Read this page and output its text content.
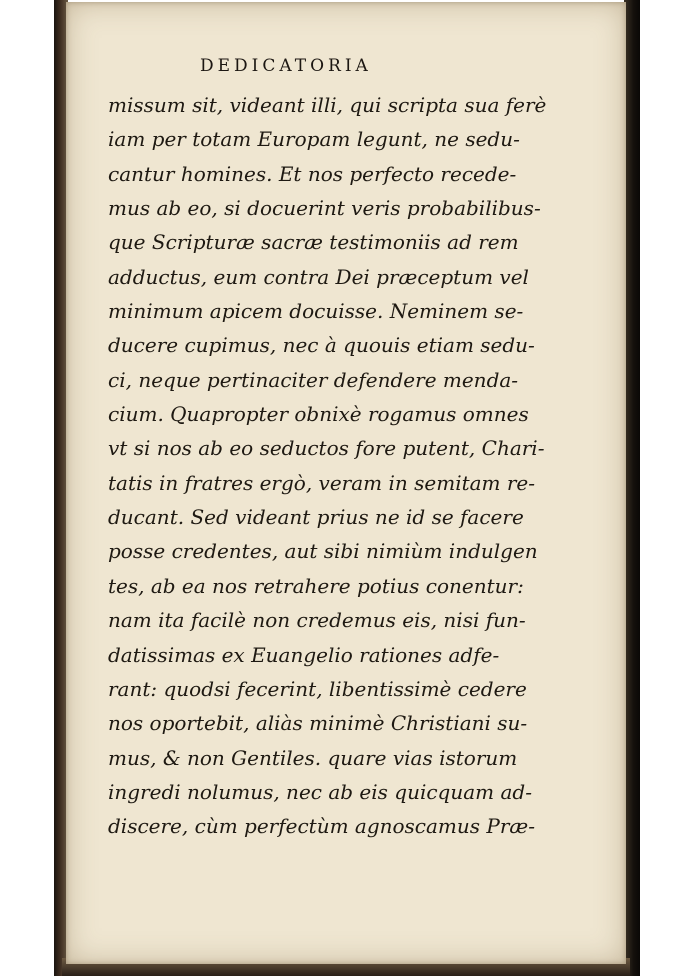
DEDICATORIA
missum sit, videant illi, qui scripta sua ferè
iam per totam Europam legunt, ne sedu-
cantur homines. Et nos perfecto recede-
mus ab eo, si docuerint veris probabilibus-
que Scripturæ sacræ testimoniis ad rem
adductus, eum contra Dei præceptum vel
minimum apicem docuisse. Neminem se-
ducere cupimus, nec à quouis etiam sedu-
ci, neque pertinaciter defendere menda-
cium. Quapropter obnixè rogamus omnes
vt si nos ab eo seductos fore putent, Chari-
tatis in fratres ergò, veram in semitam re-
ducant. Sed videant prius ne id se facere
posse credentes, aut sibi nimiùm indulgen
tes, ab ea nos retrahere potius conentur:
nam ita facilè non credemus eis, nisi fun-
datissimas ex Euangelio rationes adfe-
rant: quodsi fecerint, libentissimè cedere
nos oportebit, aliàs minimè Christiani su-
mus, & non Gentiles. quare vias istorum
ingredi nolumus, nec ab eis quicquam ad-
discere, cùm perfectùm agnoscamus Præ-
